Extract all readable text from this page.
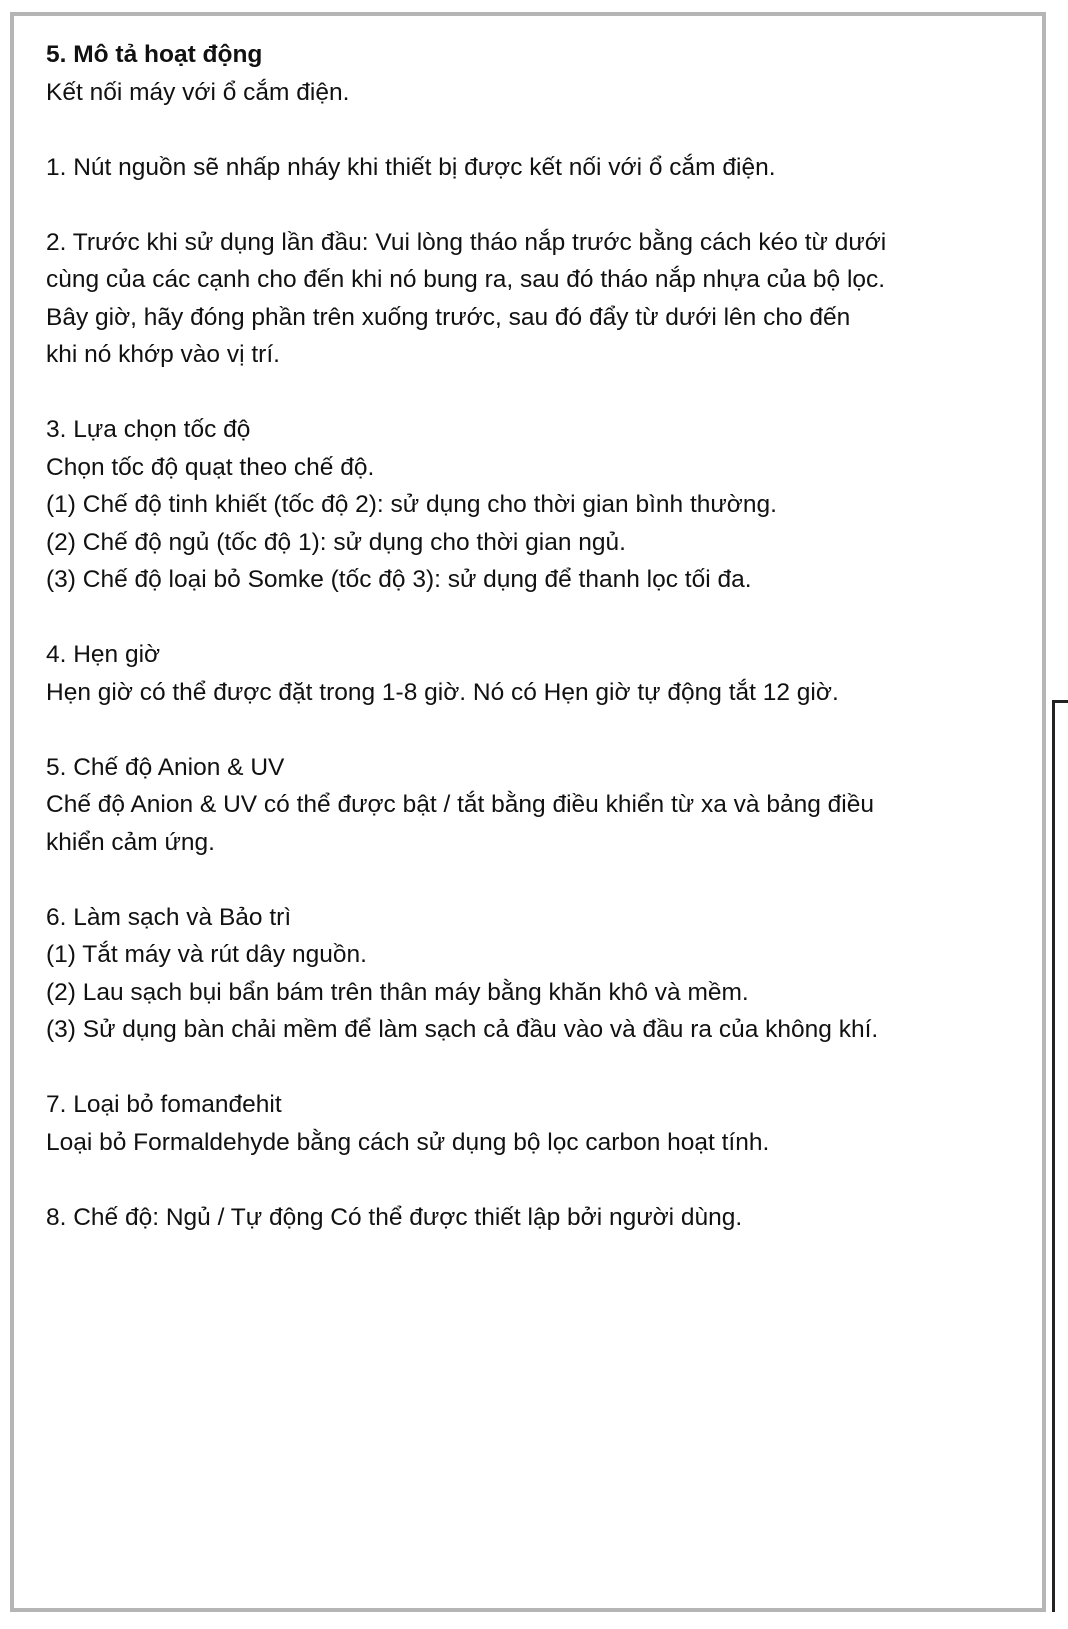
5. Mô tả hoạt động
Kết nối máy với ổ cắm điện.
1. Nút nguồn sẽ nhấp nháy khi thiết bị được kết nối với ổ cắm điện.
2. Trước khi sử dụng lần đầu: Vui lòng tháo nắp trước bằng cách kéo từ dưới
cùng của các cạnh cho đến khi nó bung ra, sau đó tháo nắp nhựa của bộ lọc.
Bây giờ, hãy đóng phần trên xuống trước, sau đó đẩy từ dưới lên cho đến
khi nó khớp vào vị trí.
3. Lựa chọn tốc độ
Chọn tốc độ quạt theo chế độ.
(1) Chế độ tinh khiết (tốc độ 2): sử dụng cho thời gian bình thường.
(2) Chế độ ngủ (tốc độ 1): sử dụng cho thời gian ngủ.
(3) Chế độ loại bỏ Somke (tốc độ 3): sử dụng để thanh lọc tối đa.
4. Hẹn giờ
Hẹn giờ có thể được đặt trong 1-8 giờ. Nó có Hẹn giờ tự động tắt 12 giờ.
5. Chế độ Anion & UV
Chế độ Anion & UV có thể được bật / tắt bằng điều khiển từ xa và bảng điều
khiển cảm ứng.
6. Làm sạch và Bảo trì
(1) Tắt máy và rút dây nguồn.
(2) Lau sạch bụi bẩn bám trên thân máy bằng khăn khô và mềm.
(3) Sử dụng bàn chải mềm để làm sạch cả đầu vào và đầu ra của không khí.
7. Loại bỏ fomanđehit
Loại bỏ Formaldehyde bằng cách sử dụng bộ lọc carbon hoạt tính.
8. Chế độ: Ngủ / Tự động Có thể được thiết lập bởi người dùng.
